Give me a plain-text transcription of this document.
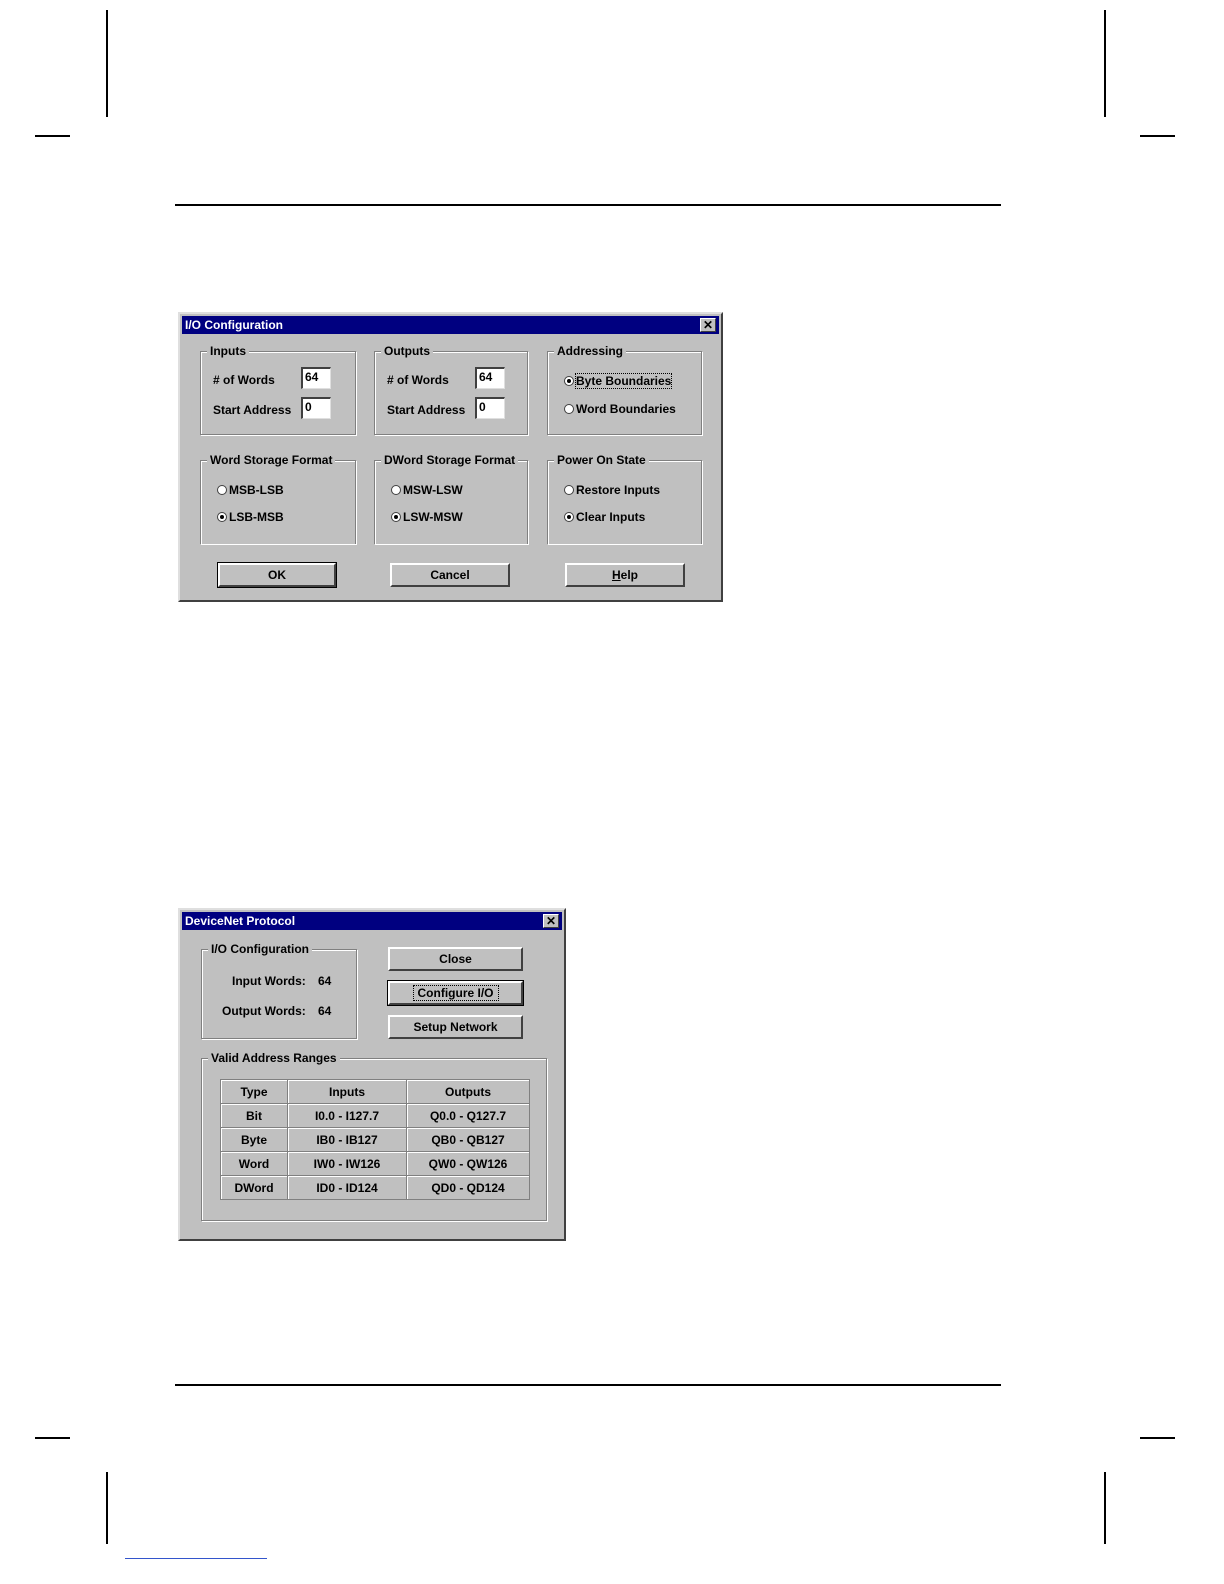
I/O Configuration	✕
Inputs
# of Words	64
Start Address	0
Outputs
# of Words	64
Start Address	0
Addressing
Byte Boundaries
Word Boundaries
Word Storage Format
MSB-LSB
LSB-MSB
DWord Storage Format
MSW-LSW
LSW-MSW
Power On State
Restore Inputs
Clear Inputs
OK	Cancel	Help
DeviceNet Protocol	✕
I/O Configuration
Input Words: 64
Output Words: 64
Close
Configure I/O
Setup Network
Valid Address Ranges
Type	Inputs	Outputs
Bit	I0.0 - I127.7	Q0.0 - Q127.7
Byte	IB0 - IB127	QB0 - QB127
Word	IW0 - IW126	QW0 - QW126
DWord	ID0 - ID124	QD0 - QD124
